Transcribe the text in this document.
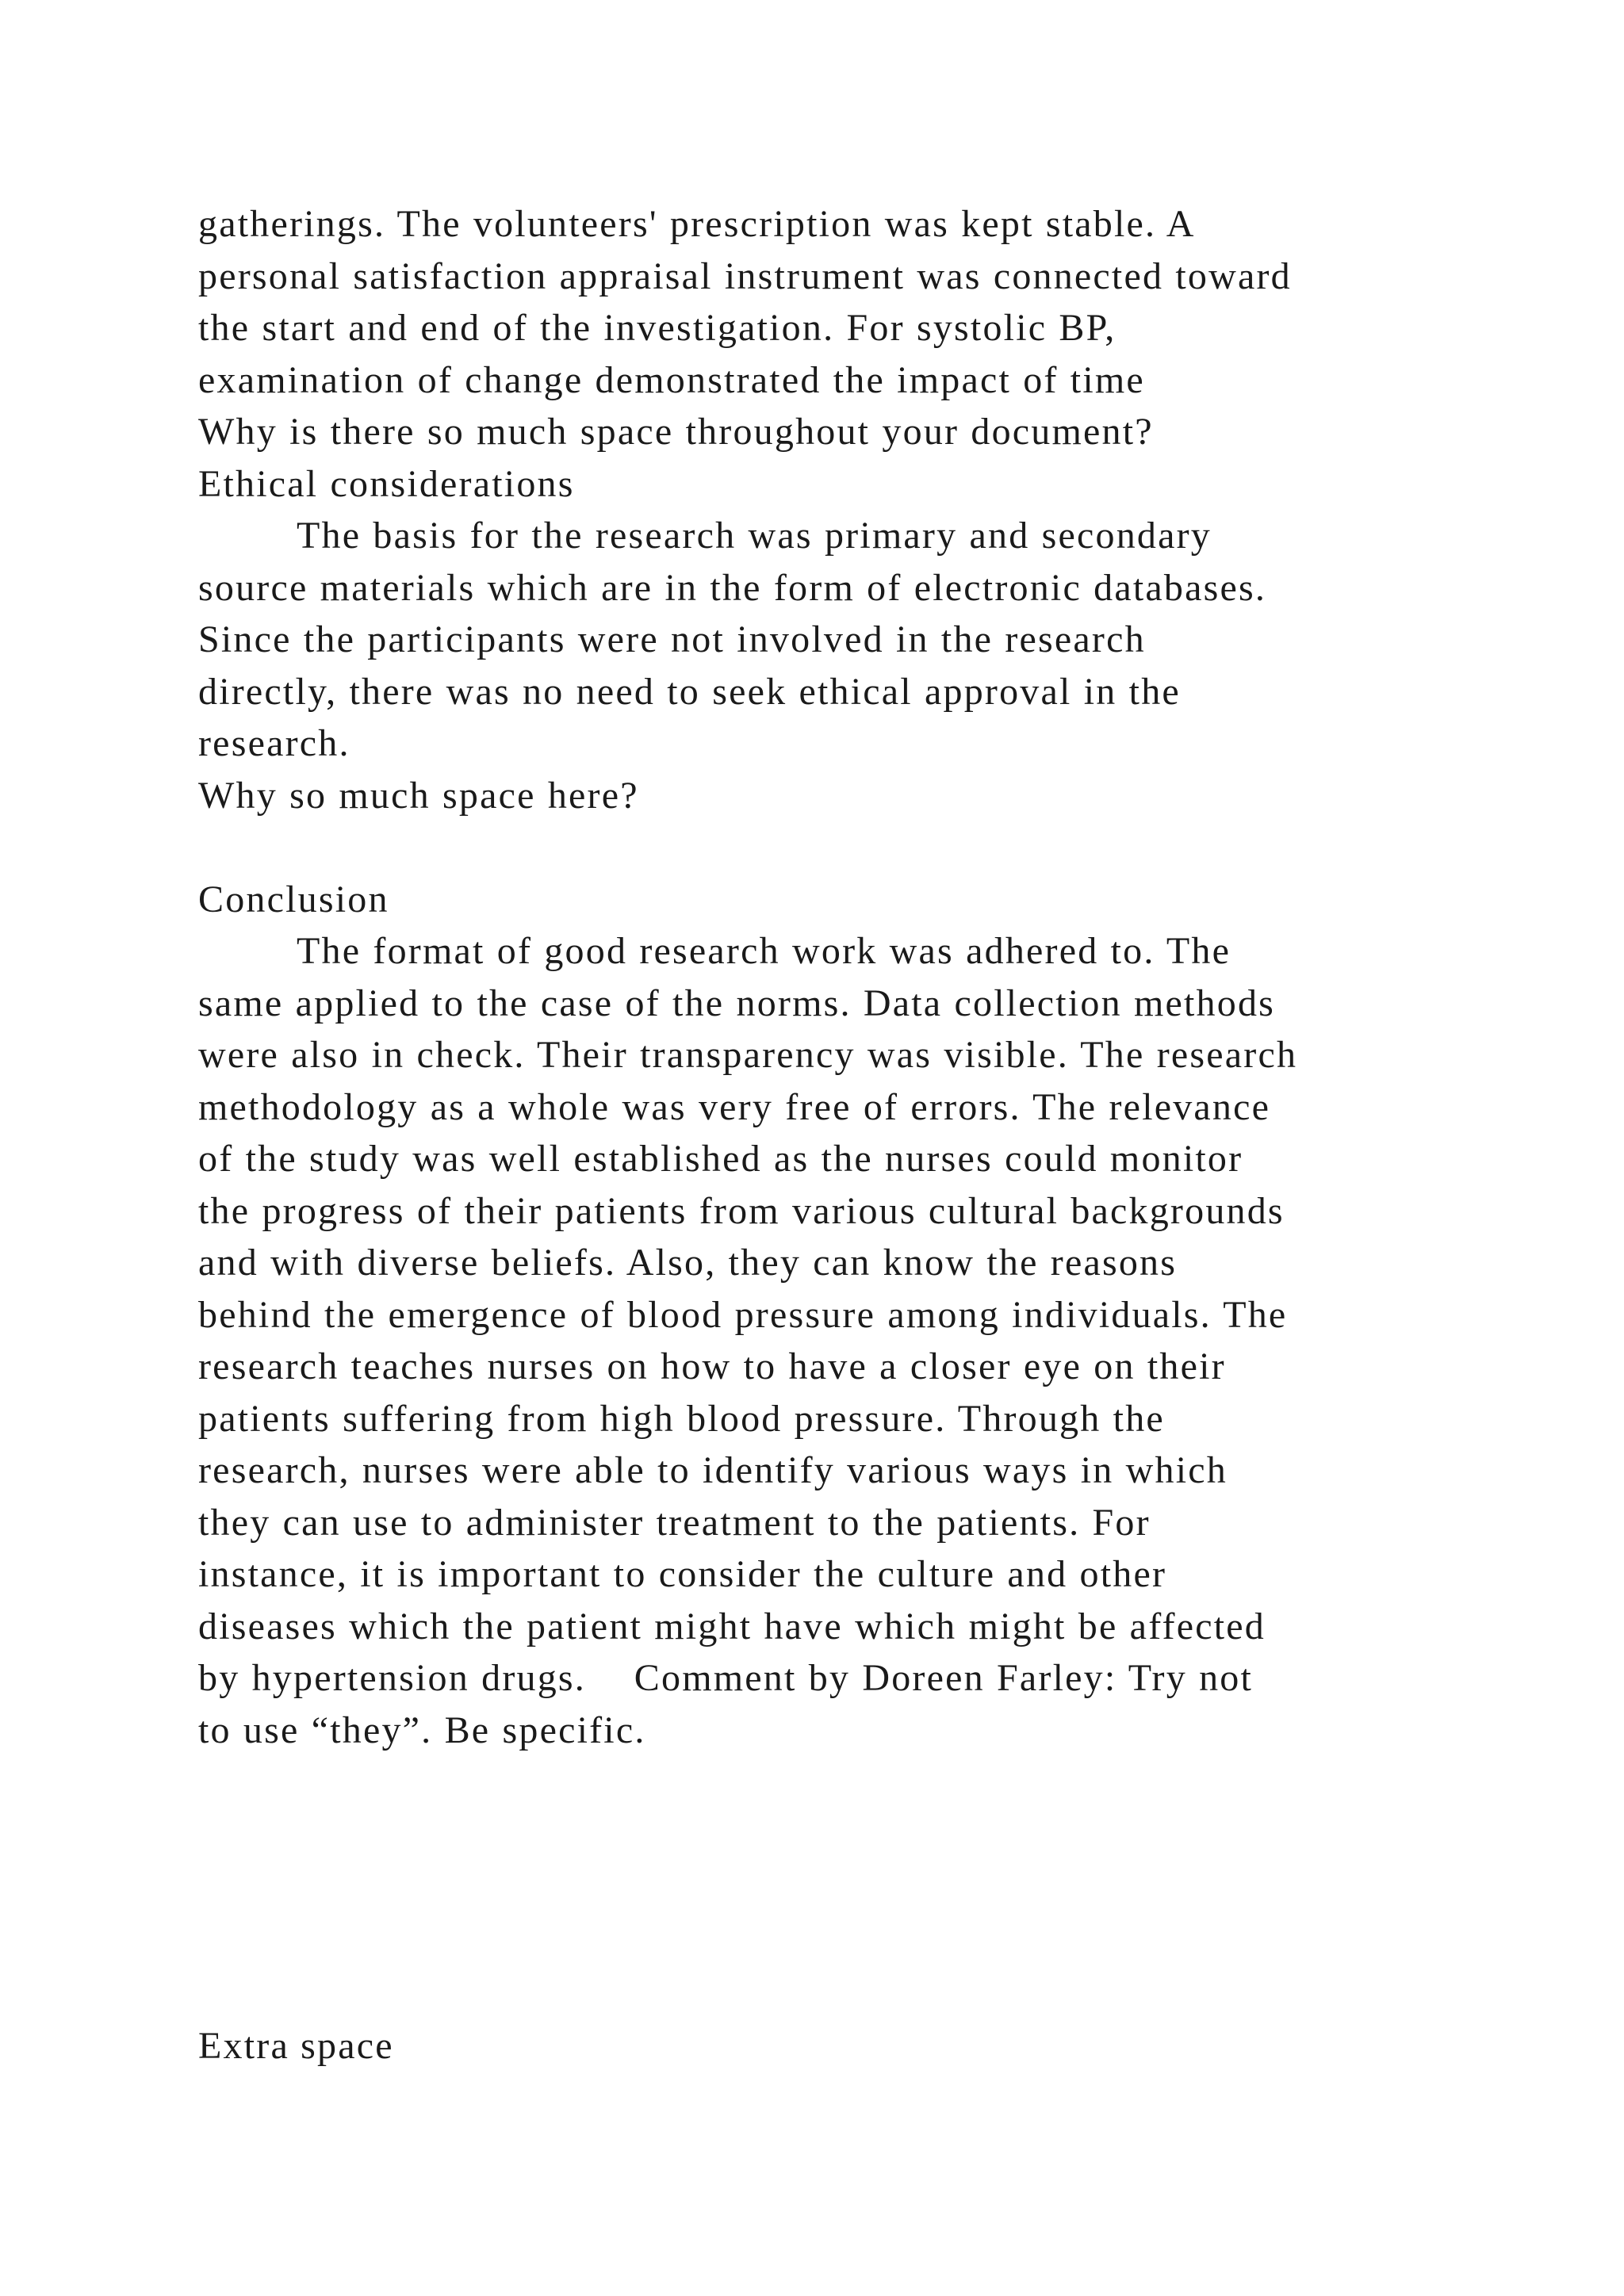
gatherings. The volunteers' prescription was kept stable. A
personal satisfaction appraisal instrument was connected toward
the start and end of the investigation. For systolic BP,
examination of change demonstrated the impact of time
Why is there so much space throughout your document?
Ethical considerations
The basis for the research was primary and secondary
source materials which are in the form of electronic databases.
Since the participants were not involved in the research
directly, there was no need to seek ethical approval in the
research.
Why so much space here?
Conclusion
The format of good research work was adhered to. The
same applied to the case of the norms. Data collection methods
were also in check. Their transparency was visible. The research
methodology as a whole was very free of errors. The relevance
of the study was well established as the nurses could monitor
the progress of their patients from various cultural backgrounds
and with diverse beliefs. Also, they can know the reasons
behind the emergence of blood pressure among individuals. The
research teaches nurses on how to have a closer eye on their
patients suffering from high blood pressure. Through the
research, nurses were able to identify various ways in which
they can use to administer treatment to the patients. For
instance, it is important to consider the culture and other
diseases which the patient might have which might be affected
by hypertension drugs.    Comment by Doreen Farley: Try not
to use “they”. Be specific.
Extra space
